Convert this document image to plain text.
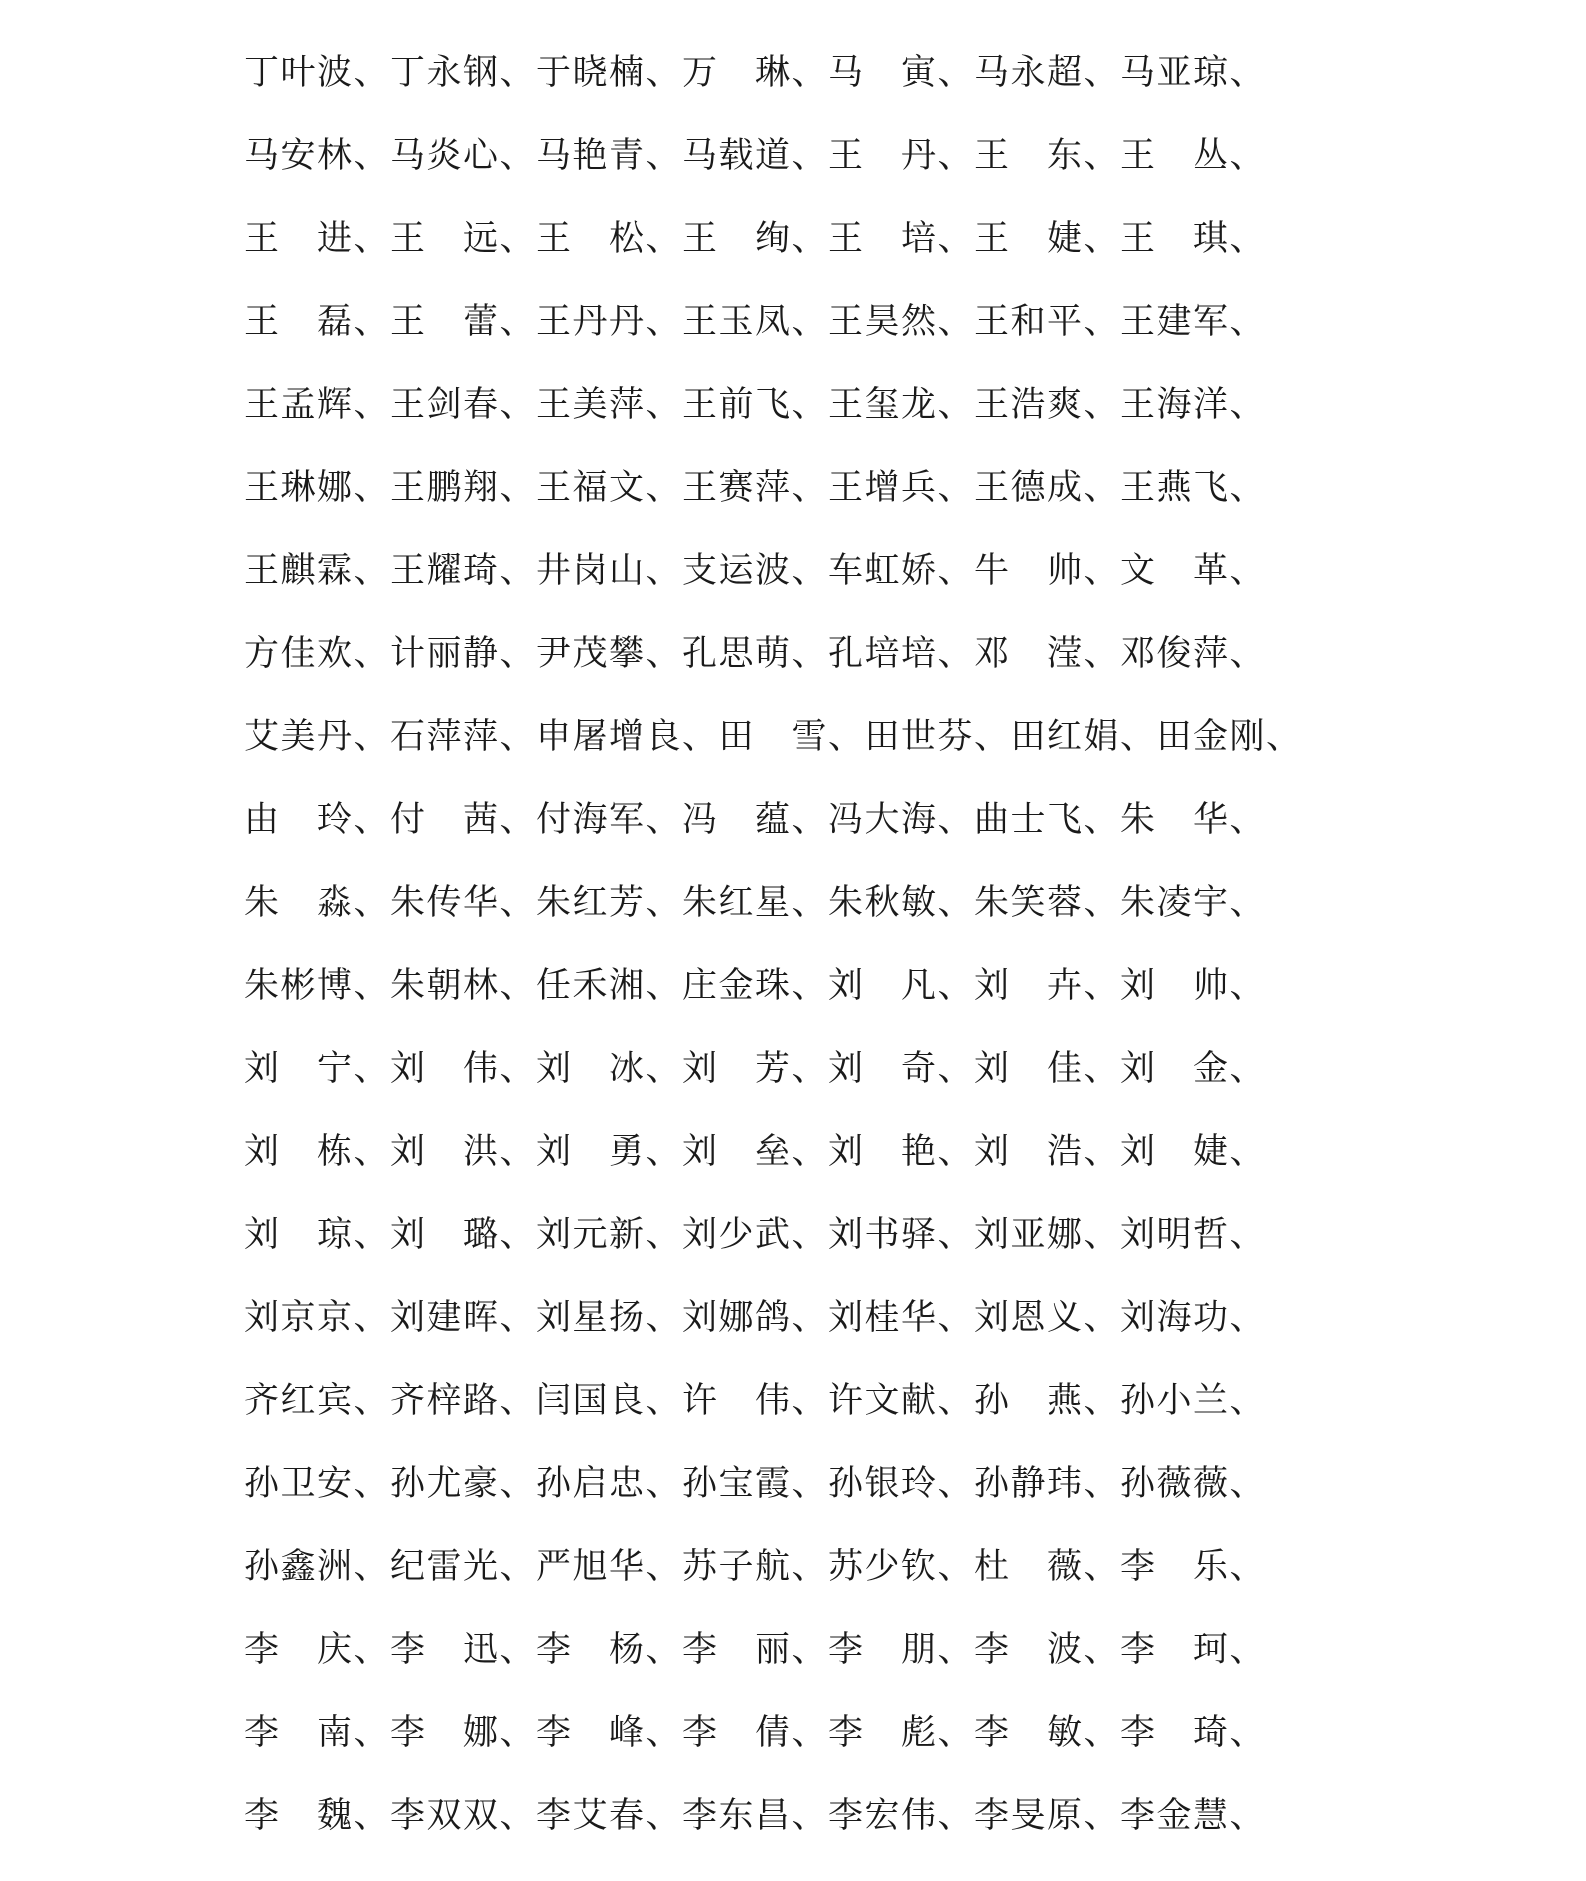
丁叶波、丁永钢、于晓楠、万　琳、马　寅、马永超、马亚琼、
马安林、马炎心、马艳青、马载道、王　丹、王　东、王　丛、
王　进、王　远、王　松、王　绚、王　培、王　婕、王　琪、
王　磊、王　蕾、王丹丹、王玉凤、王昊然、王和平、王建军、
王孟辉、王剑春、王美萍、王前飞、王玺龙、王浩爽、王海洋、
王琳娜、王鹏翔、王福文、王赛萍、王增兵、王德成、王燕飞、
王麒霖、王耀琦、井岗山、支运波、车虹娇、牛　帅、文　革、
方佳欢、计丽静、尹茂攀、孔思萌、孔培培、邓　滢、邓俊萍、
艾美丹、石萍萍、申屠增良、田　雪、田世芬、田红娟、田金刚、
由　玲、付　茜、付海军、冯　蕴、冯大海、曲士飞、朱　华、
朱　淼、朱传华、朱红芳、朱红星、朱秋敏、朱笑蓉、朱凌宇、
朱彬博、朱朝林、任禾湘、庄金珠、刘　凡、刘　卉、刘　帅、
刘　宁、刘　伟、刘　冰、刘　芳、刘　奇、刘　佳、刘　金、
刘　栋、刘　洪、刘　勇、刘　垒、刘　艳、刘　浩、刘　婕、
刘　琼、刘　璐、刘元新、刘少武、刘书驿、刘亚娜、刘明哲、
刘京京、刘建晖、刘星扬、刘娜鸽、刘桂华、刘恩义、刘海功、
齐红宾、齐梓路、闫国良、许　伟、许文献、孙　燕、孙小兰、
孙卫安、孙尤豪、孙启忠、孙宝霞、孙银玲、孙静玮、孙薇薇、
孙鑫洲、纪雷光、严旭华、苏子航、苏少钦、杜　薇、李　乐、
李　庆、李　迅、李　杨、李　丽、李　朋、李　波、李　珂、
李　南、李　娜、李　峰、李　倩、李　彪、李　敏、李　琦、
李　魏、李双双、李艾春、李东昌、李宏伟、李旻原、李金慧、
